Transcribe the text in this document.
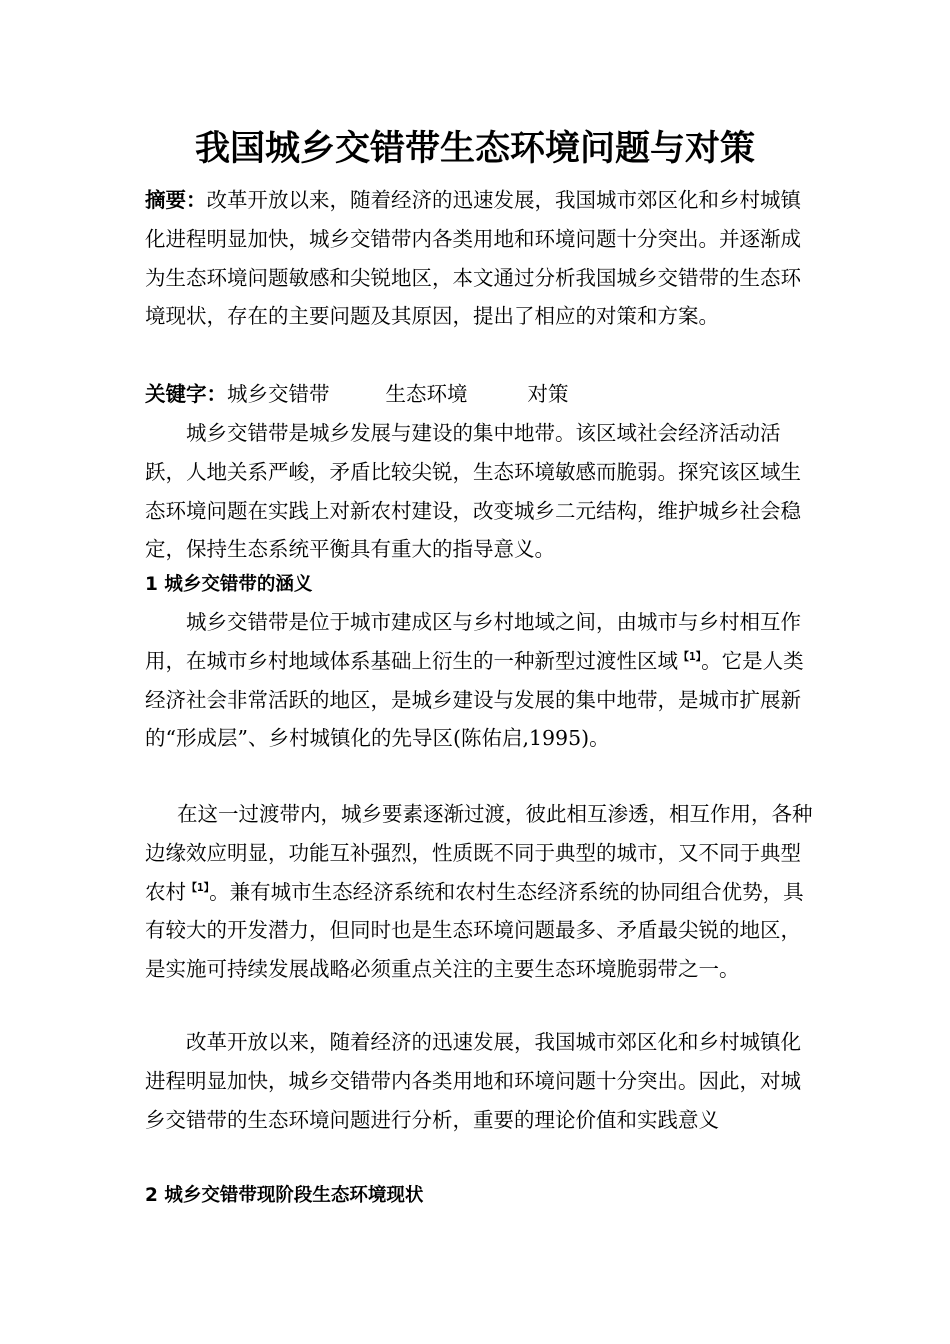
我国城乡交错带生态环境问题与对策

摘要：改革开放以来，随着经济的迅速发展，我国城市郊区化和乡村城镇化进程明显加快，城乡交错带内各类用地和环境问题十分突出。并逐渐成为生态环境问题敏感和尖锐地区，本文通过分析我国城乡交错带的生态环境现状，存在的主要问题及其原因，提出了相应的对策和方案。

关键字：城乡交错带	生态环境	对策

城乡交错带是城乡发展与建设的集中地带。该区域社会经济活动活跃，人地关系严峻，矛盾比较尖锐，生态环境敏感而脆弱。探究该区域生态环境问题在实践上对新农村建设，改变城乡二元结构，维护城乡社会稳定，保持生态系统平衡具有重大的指导意义。

1 城乡交错带的涵义

城乡交错带是位于城市建成区与乡村地域之间，由城市与乡村相互作用，在城市乡村地域体系基础上衍生的一种新型过渡性区域$^{【1】}$。它是人类经济社会非常活跃的地区，是城乡建设与发展的集中地带，是城市扩展新的“形成层”、乡村城镇化的先导区(陈佑启,1995)。

在这一过渡带内，城乡要素逐渐过渡，彼此相互渗透，相互作用，各种边缘效应明显，功能互补强烈，性质既不同于典型的城市，又不同于典型农村$^{【1】}$。兼有城市生态经济系统和农村生态经济系统的协同组合优势，具有较大的开发潜力，但同时也是生态环境问题最多、矛盾最尖锐的地区，是实施可持续发展战略必须重点关注的主要生态环境脆弱带之一。

改革开放以来，随着经济的迅速发展，我国城市郊区化和乡村城镇化进程明显加快，城乡交错带内各类用地和环境问题十分突出。因此，对城乡交错带的生态环境问题进行分析，重要的理论价值和实践意义

2 城乡交错带现阶段生态环境现状
